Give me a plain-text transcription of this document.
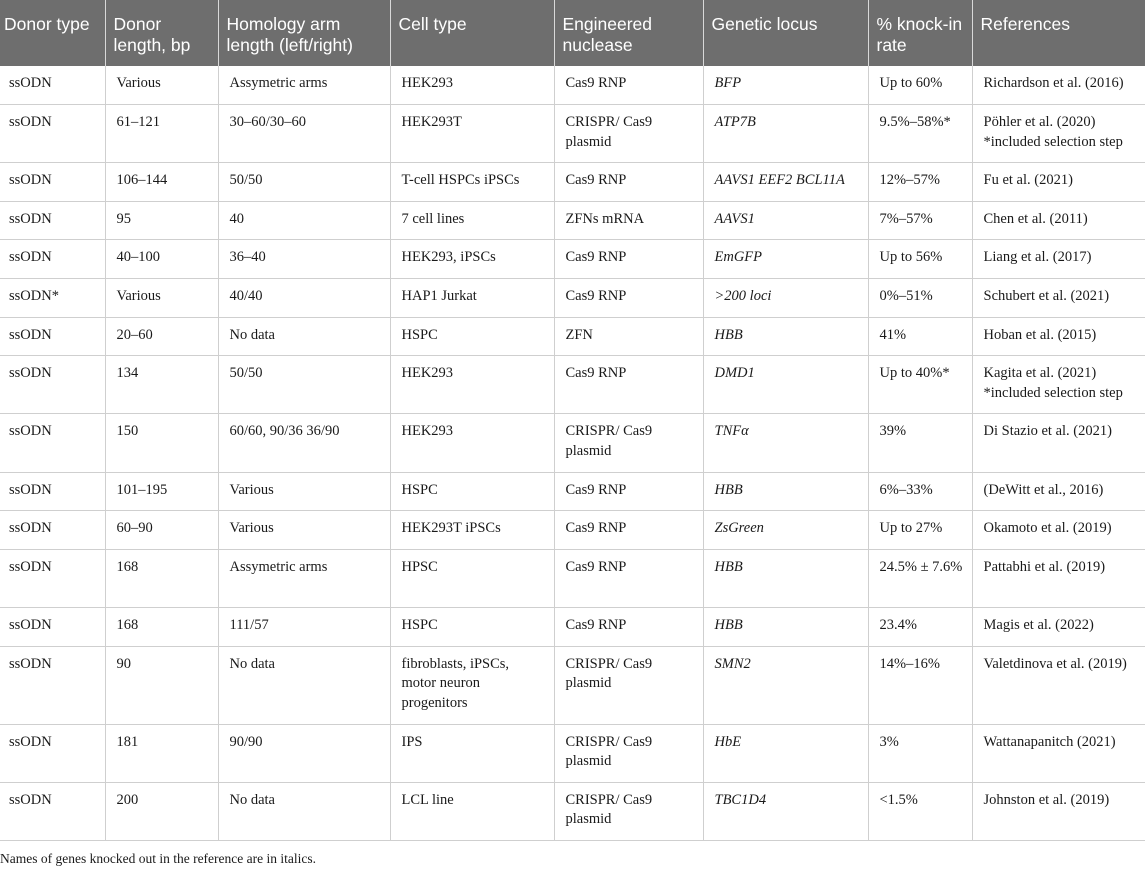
Donor type	Donor length, bp	Homology arm length (left/right)	Cell type	Engineered nuclease	Genetic locus	% knock-in rate	References
ssODN	Various	Assymetric arms	HEK293	Cas9 RNP	BFP	Up to 60%	Richardson et al. (2016)
ssODN	61–121	30–60/30–60	HEK293T	CRISPR/ Cas9 plasmid	ATP7B	9.5%–58%*	Pöhler et al. (2020)
*included selection step
ssODN	106–144	50/50	T-cell HSPCs iPSCs	Cas9 RNP	AAVS1 EEF2 BCL11A	12%–57%	Fu et al. (2021)
ssODN	95	40	7 cell lines	ZFNs mRNA	AAVS1	7%–57%	Chen et al. (2011)
ssODN	40–100	36–40	HEK293, iPSCs	Cas9 RNP	EmGFP	Up to 56%	Liang et al. (2017)
ssODN*	Various	40/40	HAP1 Jurkat	Cas9 RNP	>200 loci	0%–51%	Schubert et al. (2021)
ssODN	20–60	No data	HSPC	ZFN	HBB	41%	Hoban et al. (2015)
ssODN	134	50/50	HEK293	Cas9 RNP	DMD1	Up to 40%*	Kagita et al. (2021)
*included selection step
ssODN	150	60/60, 90/36 36/90	HEK293	CRISPR/ Cas9 plasmid	TNFα	39%	Di Stazio et al. (2021)
ssODN	101–195	Various	HSPC	Cas9 RNP	HBB	6%–33%	(DeWitt et al., 2016)
ssODN	60–90	Various	HEK293T iPSCs	Cas9 RNP	ZsGreen	Up to 27%	Okamoto et al. (2019)
ssODN	168	Assymetric arms	HPSC	Cas9 RNP	HBB	24.5% ± 7.6%	Pattabhi et al. (2019)
ssODN	168	111/57	HSPC	Cas9 RNP	HBB	23.4%	Magis et al. (2022)
ssODN	90	No data	fibroblasts, iPSCs, motor neuron progenitors	CRISPR/ Cas9 plasmid	SMN2	14%–16%	Valetdinova et al. (2019)
ssODN	181	90/90	IPS	CRISPR/ Cas9 plasmid	HbE	3%	Wattanapanitch (2021)
ssODN	200	No data	LCL line	CRISPR/ Cas9 plasmid	TBC1D4	<1.5%	Johnston et al. (2019)
Names of genes knocked out in the reference are in italics.
